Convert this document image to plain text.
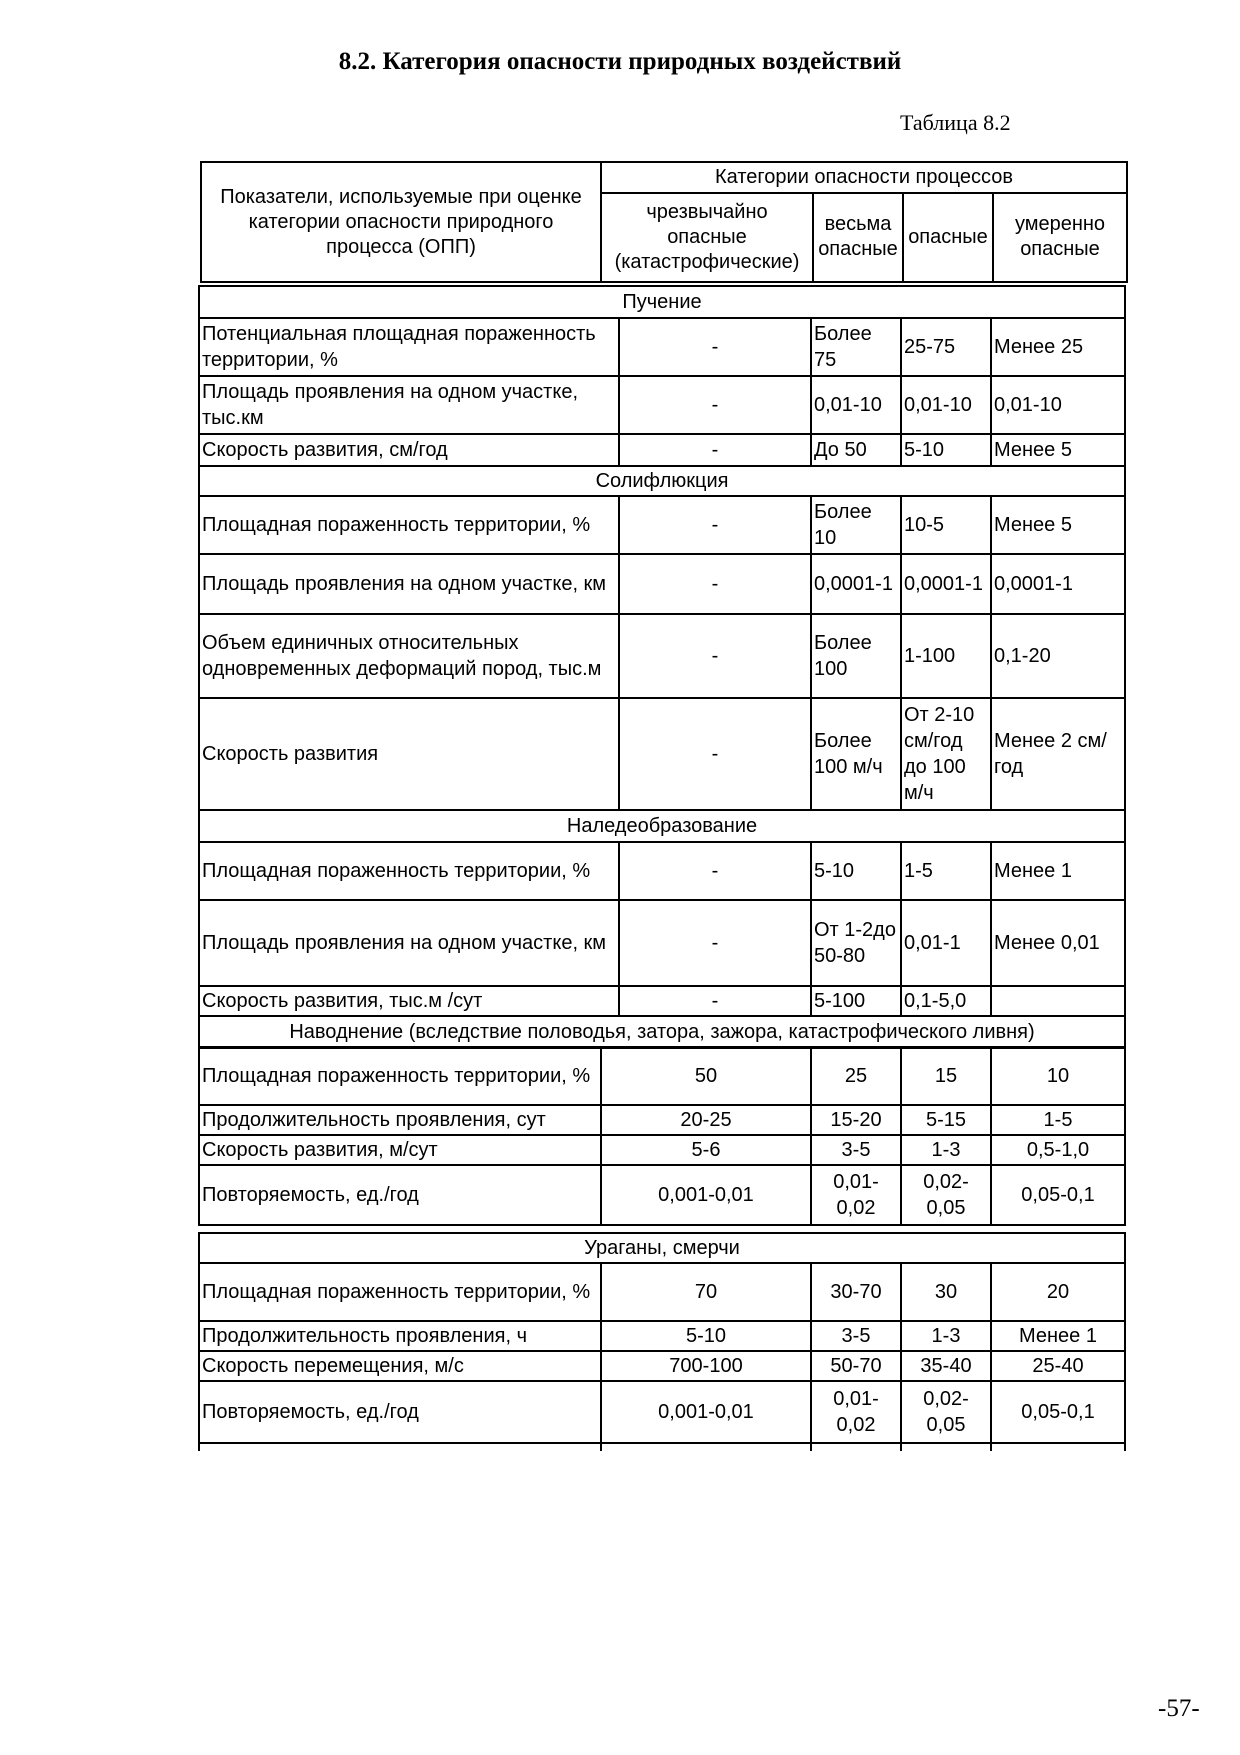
8.2. Категория опасности природных воздействий
Таблица 8.2
Показатели, используемые при оценке категории опасности природного процесса (ОПП)	Категории опасности процессов			
	чрезвычайно опасные (катастрофические)	весьма опасные	опасные	умеренно опасные
Пучение				
Потенциальная площадная пораженность территории, %	-	Более 75	25-75	Менее 25
Площадь проявления на одном участке, тыс.км	-	0,01-10	0,01-10	0,01-10
Скорость развития, см/год	-	До 50	5-10	Менее 5
Солифлюкция				
Площадная пораженность территории, %	-	Более 10	10-5	Менее 5
Площадь проявления на одном участке, км	-	0,0001-1	0,0001-1	0,0001-1
Объем единичных относительных одновременных деформаций пород, тыс.м	-	Более 100	1-100	0,1-20
Скорость развития	-	Более 100 м/ч	От 2-10 см/год до 100 м/ч	Менее 2 см/год
Наледеобразование				
Площадная пораженность территории, %	-	5-10	1-5	Менее 1
Площадь проявления на одном участке, км	-	От 1-2до 50-80	0,01-1	Менее 0,01
Скорость развития, тыс.м /сут	-	5-100	0,1-5,0	
Наводнение (вследствие половодья, затора, зажора, катастрофического ливня)				
Площадная пораженность территории, %	50	25	15	10
Продолжительность проявления, сут	20-25	15-20	5-15	1-5
Скорость развития, м/сут	5-6	3-5	1-3	0,5-1,0
Повторяемость, ед./год	0,001-0,01	0,01-0,02	0,02-0,05	0,05-0,1
Ураганы, смерчи				
Площадная пораженность территории, %	70	30-70	30	20
Продолжительность проявления, ч	5-10	3-5	1-3	Менее 1
Скорость перемещения, м/с	700-100	50-70	35-40	25-40
Повторяемость, ед./год	0,001-0,01	0,01-0,02	0,02-0,05	0,05-0,1

-57-
